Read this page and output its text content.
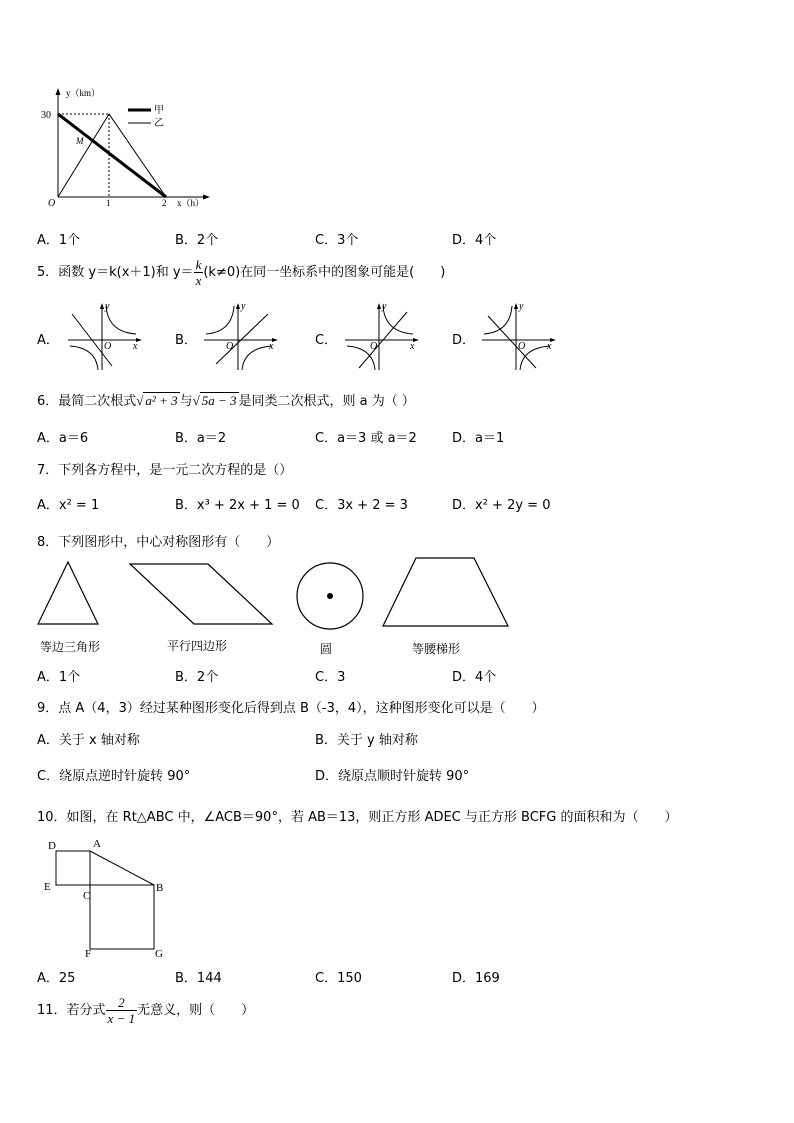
y（km）
30
O	1	2 x（h）
M
甲
乙
A．1个	B．2个	C．3个	D．4个
5．函数 y＝k(x＋1)和 $y= \frac{k}{x} (k\ne 0)$在同一坐标系中的图象可能是(　　)
A．	B．	C．	D．
y
x
O
y
x
O
y
x
O
y
x
O
6．最简二次根式√ a² + 3 与√ 5a − 3 是同类二次根式，则 a 为（ ）
A．a＝6	B．a＝2	C．a＝3 或 a＝2	D．a＝1
7．下列各方程中，是一元二次方程的是（）
A．x² = 1	B．x³ + 2x + 1 = 0 C．3x + 2 = 3	D．x² + 2y = 0
8．下列图形中，中心对称图形有（　　）
等边三角形	平行四边形	圆	等腰梯形
A．1个	B．2个	C．3	D．4个
9．点 A（4，3）经过某种图形变化后得到点 B（-3，4），这种图形变化可以是（　　）
A．关于 x 轴对称	B．关于 y 轴对称
C．绕原点逆时针旋转 90°	D．绕原点顺时针旋转 90°
10．如图，在 Rt△ABC 中，∠ACB＝90°，若 AB＝13，则正方形 ADEC 与正方形 BCFG 的面积和为（　　）
D	A
E
C
B
F	G
A．25	B．144	C．150	D．169
11．若分式 $\frac{2}{x - 1}$ 无意义，则（　　）
